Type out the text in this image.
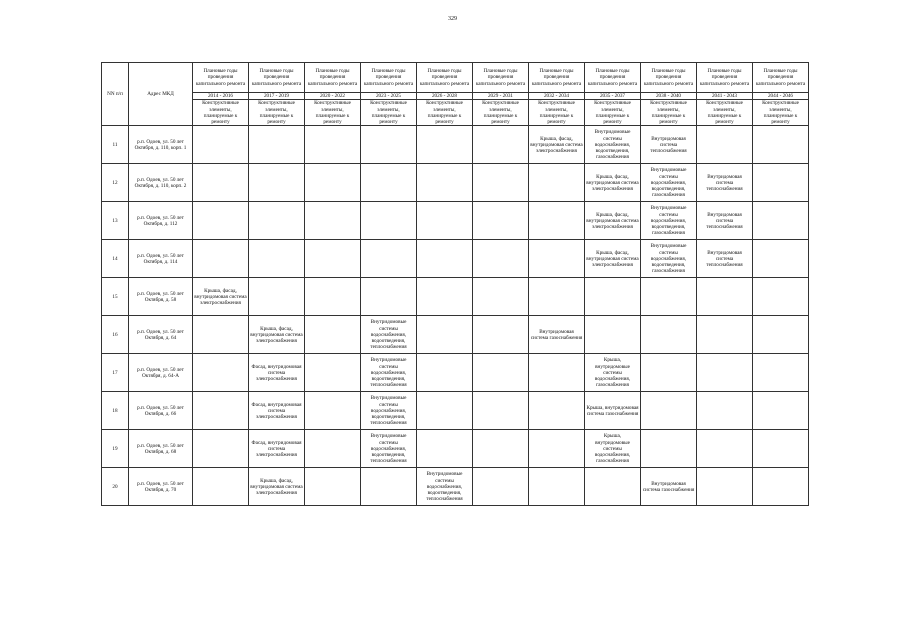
329
NN п/п	Адрес МКД	Плановые годы проведения капитального ремонта	Плановые годы проведения капитального ремонта	Плановые годы проведения капитального ремонта	Плановые годы проведения капитального ремонта	Плановые годы проведения капитального ремонта	Плановые годы проведения капитального ремонта	Плановые годы проведения капитального ремонта	Плановые годы проведения капитального ремонта	Плановые годы проведения капитального ремонта	Плановые годы проведения капитального ремонта	Плановые годы проведения капитального ремонта
		2014 - 2016	2017 - 2019	2020 - 2022	2023 - 2025	2026 - 2028	2029 - 2031	2032 - 2034	2035 - 2037	2038 - 2040	2041 - 2043	2044 - 2046
		Конструктивные элементы, планируемые к ремонту	Конструктивные элементы, планируемые к ремонту	Конструктивные элементы, планируемые к ремонту	Конструктивные элементы, планируемые к ремонту	Конструктивные элементы, планируемые к ремонту	Конструктивные элементы, планируемые к ремонту	Конструктивные элементы, планируемые к ремонту	Конструктивные элементы, планируемые к ремонту	Конструктивные элементы, планируемые к ремонту	Конструктивные элементы, планируемые к ремонту	Конструктивные элементы, планируемые к ремонту
11	р.п. Одоев, ул. 50 лет Октября, д. 110, корп. 1							Крыша, фасад, внутридомовая система электроснабжения	Внутридомовые системы водоснабжения, водоотведения, газоснабжения	Внутридомовая система теплоснабжения		
12	р.п. Одоев, ул. 50 лет Октября, д. 110, корп. 2								Крыша, фасад, внутридомовая система электроснабжения	Внутридомовые системы водоснабжения, водоотведения, газоснабжения	Внутридомовая система теплоснабжения	
13	р.п. Одоев, ул. 50 лет Октября, д. 112								Крыша, фасад, внутридомовая система электроснабжения	Внутридомовые системы водоснабжения, водоотведения, газоснабжения	Внутридомовая система теплоснабжения	
14	р.п. Одоев, ул. 50 лет Октября, д. 114								Крыша, фасад, внутридомовая система электроснабжения	Внутридомовые системы водоснабжения, водоотведения, газоснабжения	Внутридомовая система теплоснабжения	
15	р.п. Одоев, ул. 50 лет Октября, д. 58	Крыша, фасад, внутридомовая система электроснабжения										
16	р.п. Одоев, ул. 50 лет Октября, д. 64		Крыша, фасад, внутридомовая система электроснабжения		Внутридомовые системы водоснабжения, водоотведения, теплоснабжения			Внутридомовая система газоснабжения				
17	р.п. Одоев, ул. 50 лет Октября, д. 64-А		Фасад, внутридомовая система электроснабжения		Внутридомовые системы водоснабжения, водоотведения, теплоснабжения				Крыша, внутридомовые системы водоснабжения, газоснабжения			
18	р.п. Одоев, ул. 50 лет Октября, д. 66		Фасад, внутридомовая система электроснабжения		Внутридомовые системы водоснабжения, водоотведения, теплоснабжения				Крыша, внутридомовая система газоснабжения			
19	р.п. Одоев, ул. 50 лет Октября, д. 68		Фасад, внутридомовая система электроснабжения		Внутридомовые системы водоснабжения, водоотведения, теплоснабжения				Крыша, внутридомовые системы водоснабжения, газоснабжения			
20	р.п. Одоев, ул. 50 лет Октября, д. 70		Крыша, фасад, внутридомовая система электроснабжения			Внутридомовые системы водоснабжения, водоотведения, теплоснабжения				Внутридомовая система газоснабжения		
